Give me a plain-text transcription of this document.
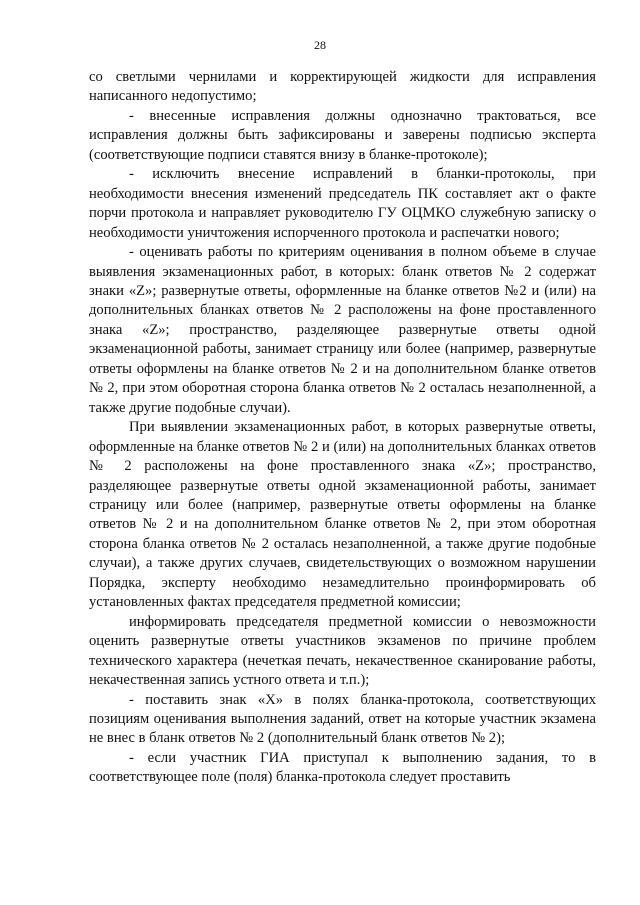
28

со светлыми чернилами и корректирующей жидкости для исправления написанного недопустимо;

- внесенные исправления должны однозначно трактоваться, все исправления должны быть зафиксированы и заверены подписью эксперта (соответствующие подписи ставятся внизу в бланке-протоколе);

- исключить внесение исправлений в бланки-протоколы, при необходимости внесения изменений председатель ПК составляет акт о факте порчи протокола и направляет руководителю ГУ ОЦМКО служебную записку о необходимости уничтожения испорченного протокола и распечатки нового;

- оценивать работы по критериям оценивания в полном объеме в случае выявления экзаменационных работ, в которых: бланк ответов № 2 содержат знаки «Z»; развернутые ответы, оформленные на бланке ответов №2 и (или) на дополнительных бланках ответов № 2 расположены на фоне проставленного знака «Z»; пространство, разделяющее развернутые ответы одной экзаменационной работы, занимает страницу или более (например, развернутые ответы оформлены на бланке ответов № 2 и на дополнительном бланке ответов № 2, при этом оборотная сторона бланка ответов № 2 осталась незаполненной, а также другие подобные случаи).

При выявлении экзаменационных работ, в которых развернутые ответы, оформленные на бланке ответов № 2 и (или) на дополнительных бланках ответов № 2 расположены на фоне проставленного знака «Z»; пространство, разделяющее развернутые ответы одной экзаменационной работы, занимает страницу или более (например, развернутые ответы оформлены на бланке ответов № 2 и на дополнительном бланке ответов № 2, при этом оборотная сторона бланка ответов № 2 осталась незаполненной, а также другие подобные случаи), а также других случаев, свидетельствующих о возможном нарушении Порядка, эксперту необходимо незамедлительно проинформировать об установленных фактах председателя предметной комиссии;

информировать председателя предметной комиссии о невозможности оценить развернутые ответы участников экзаменов по причине проблем технического характера (нечеткая печать, некачественное сканирование работы, некачественная запись устного ответа и т.п.);

- поставить знак «Х» в полях бланка-протокола, соответствующих позициям оценивания выполнения заданий, ответ на которые участник экзамена не внес в бланк ответов № 2 (дополнительный бланк ответов № 2);

- если участник ГИА приступал к выполнению задания, то в соответствующее поле (поля) бланка-протокола следует проставить
